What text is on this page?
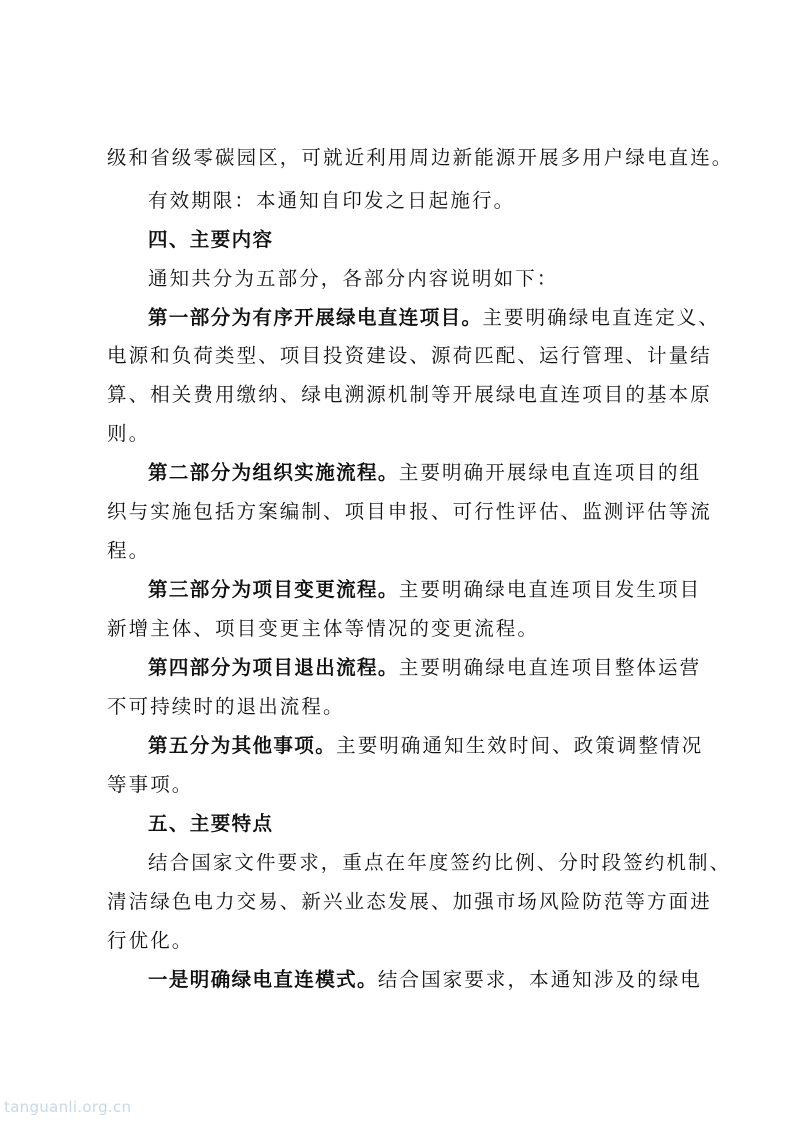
级和省级零碳园区，可就近利用周边新能源开展多用户绿电直连。
有效期限：本通知自印发之日起施行。
四、主要内容
通知共分为五部分，各部分内容说明如下：
第一部分为有序开展绿电直连项目。主要明确绿电直连定义、
电源和负荷类型、项目投资建设、源荷匹配、运行管理、计量结
算、相关费用缴纳、绿电溯源机制等开展绿电直连项目的基本原
则。
第二部分为组织实施流程。主要明确开展绿电直连项目的组
织与实施包括方案编制、项目申报、可行性评估、监测评估等流
程。
第三部分为项目变更流程。主要明确绿电直连项目发生项目
新增主体、项目变更主体等情况的变更流程。
第四部分为项目退出流程。主要明确绿电直连项目整体运营
不可持续时的退出流程。
第五分为其他事项。主要明确通知生效时间、政策调整情况
等事项。
五、主要特点
结合国家文件要求，重点在年度签约比例、分时段签约机制、
清洁绿色电力交易、新兴业态发展、加强市场风险防范等方面进
行优化。
一是明确绿电直连模式。结合国家要求，本通知涉及的绿电
tanguanli.org.cn
